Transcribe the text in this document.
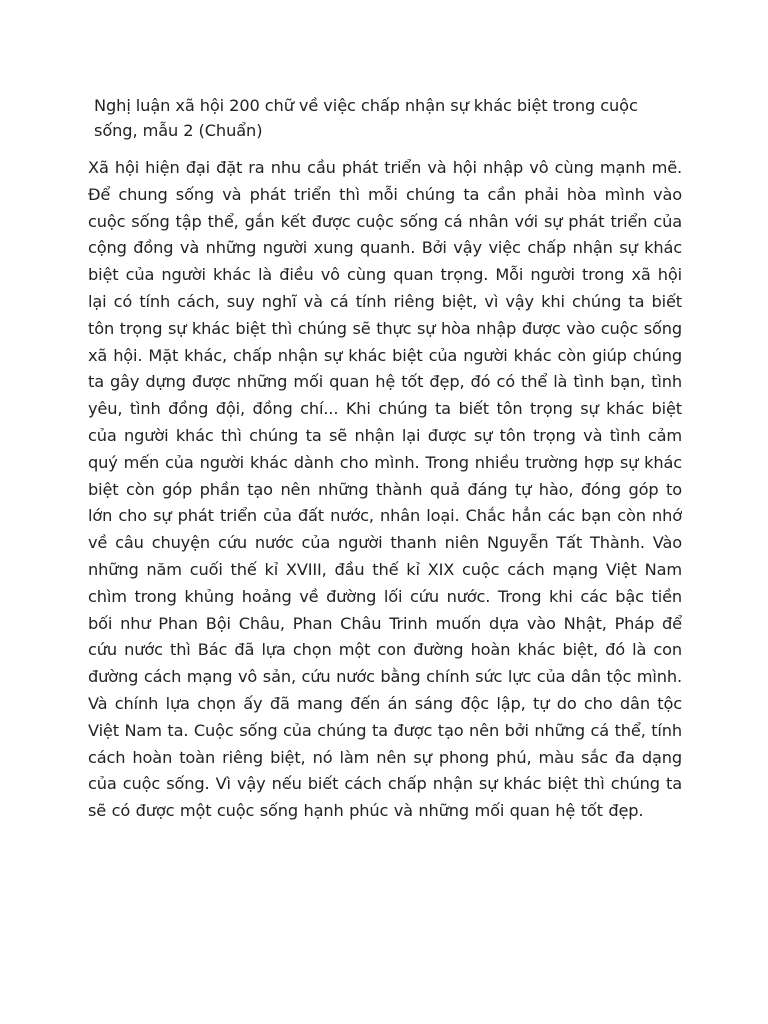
Nghị luận xã hội 200 chữ về việc chấp nhận sự khác biệt trong cuộc sống, mẫu 2 (Chuẩn)

Xã hội hiện đại đặt ra nhu cầu phát triển và hội nhập vô cùng mạnh mẽ. Để chung sống và phát triển thì mỗi chúng ta cần phải hòa mình vào cuộc sống tập thể, gắn kết được cuộc sống cá nhân với sự phát triển của cộng đồng và những người xung quanh. Bởi vậy việc chấp nhận sự khác biệt của người khác là điều vô cùng quan trọng. Mỗi người trong xã hội lại có tính cách, suy nghĩ và cá tính riêng biệt, vì vậy khi chúng ta biết tôn trọng sự khác biệt thì chúng sẽ thực sự hòa nhập được vào cuộc sống xã hội. Mặt khác, chấp nhận sự khác biệt của người khác còn giúp chúng ta gây dựng được những mối quan hệ tốt đẹp, đó có thể là tình bạn, tình yêu, tình đồng đội, đồng chí... Khi chúng ta biết tôn trọng sự khác biệt của người khác thì chúng ta sẽ nhận lại được sự tôn trọng và tình cảm quý mến của người khác dành cho mình. Trong nhiều trường hợp sự khác biệt còn góp phần tạo nên những thành quả đáng tự hào, đóng góp to lớn cho sự phát triển của đất nước, nhân loại. Chắc hẳn các bạn còn nhớ về câu chuyện cứu nước của người thanh niên Nguyễn Tất Thành. Vào những năm cuối thế kỉ XVIII, đầu thế kỉ XIX cuộc cách mạng Việt Nam chìm trong khủng hoảng về đường lối cứu nước. Trong khi các bậc tiền bối như Phan Bội Châu, Phan Châu Trinh muốn dựa vào Nhật, Pháp để cứu nước thì Bác đã lựa chọn một con đường hoàn khác biệt, đó là con đường cách mạng vô sản, cứu nước bằng chính sức lực của dân tộc mình. Và chính lựa chọn ấy đã mang đến án sáng độc lập, tự do cho dân tộc Việt Nam ta. Cuộc sống của chúng ta được tạo nên bởi những cá thể, tính cách hoàn toàn riêng biệt, nó làm nên sự phong phú, màu sắc đa dạng của cuộc sống. Vì vậy nếu biết cách chấp nhận sự khác biệt thì chúng ta sẽ có được một cuộc sống hạnh phúc và những mối quan hệ tốt đẹp.
